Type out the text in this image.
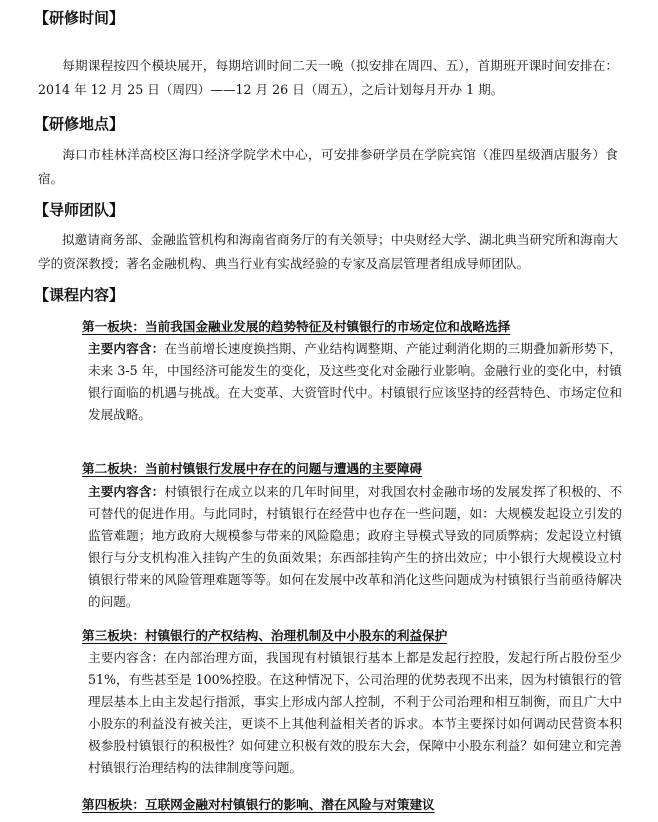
【研修时间】
每期课程按四个模块展开，每期培训时间二天一晚（拟安排在周四、五），首期班开课时间安排在：2014 年 12 月 25 日（周四）——12 月 26 日（周五），之后计划每月开办 1 期。
【研修地点】
海口市桂林洋高校区海口经济学院学术中心，可安排参研学员在学院宾馆（准四星级酒店服务）食宿。
【导师团队】
拟邀请商务部、金融监管机构和海南省商务厅的有关领导；中央财经大学、湖北典当研究所和海南大学的资深教授；著名金融机构、典当行业有实战经验的专家及高层管理者组成导师团队。
【课程内容】
第一板块：当前我国金融业发展的趋势特征及村镇银行的市场定位和战略选择
主要内容含：在当前增长速度换挡期、产业结构调整期、产能过剩消化期的三期叠加新形势下，未来 3-5 年，中国经济可能发生的变化，及这些变化对金融行业影响。金融行业的变化中，村镇银行面临的机遇与挑战。在大变革、大资管时代中。村镇银行应该坚持的经营特色、市场定位和发展战略。
第二板块：当前村镇银行发展中存在的问题与遭遇的主要障碍
主要内容含：村镇银行在成立以来的几年时间里，对我国农村金融市场的发展发挥了积极的、不可替代的促进作用。与此同时，村镇银行在经营中也存在一些问题，如：大规模发起设立引发的监管难题；地方政府大规模参与带来的风险隐患；政府主导模式导致的同质弊病；发起设立村镇银行与分支机构准入挂钩产生的负面效果；东西部挂钩产生的挤出效应；中小银行大规模设立村镇银行带来的风险管理难题等等。如何在发展中改革和消化这些问题成为村镇银行当前亟待解决的问题。
第三板块：村镇银行的产权结构、治理机制及中小股东的利益保护
主要内容含：在内部治理方面，我国现有村镇银行基本上都是发起行控股，发起行所占股份至少 51%，有些甚至是 100%控股。在这种情况下，公司治理的优势表现不出来，因为村镇银行的管理层基本上由主发起行指派，事实上形成内部人控制，不利于公司治理和相互制衡，而且广大中小股东的利益没有被关注，更谈不上其他利益相关者的诉求。本节主要探讨如何调动民营资本积极参股村镇银行的积极性？如何建立积极有效的股东大会，保障中小股东利益？如何建立和完善村镇银行治理结构的法律制度等问题。
第四板块：互联网金融对村镇银行的影响、潜在风险与对策建议
